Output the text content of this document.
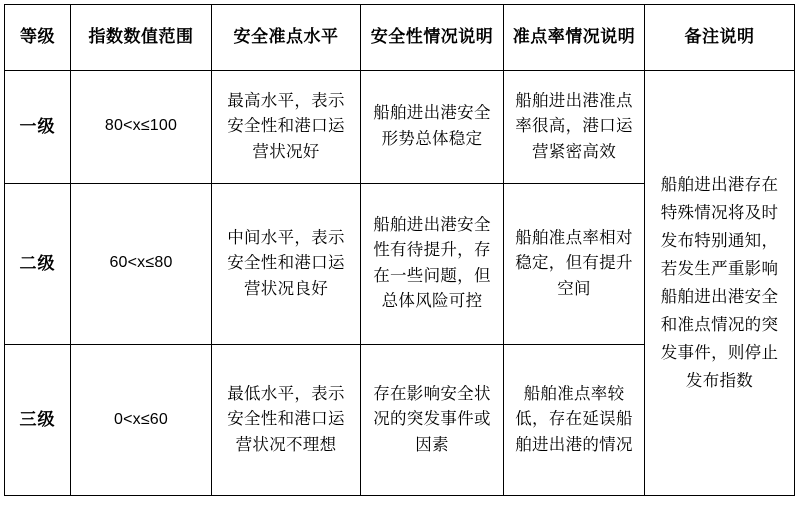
等级	指数数值范围	安全准点水平	安全性情况说明	准点率情况说明	备注说明
一级	80<x≤100	最高水平，表示安全性和港口运营状况好	船舶进出港安全形势总体稳定	船舶进出港准点率很高，港口运营紧密高效	船舶进出港存在特殊情况将及时发布特别通知，若发生严重影响船舶进出港安全和准点情况的突发事件，则停止发布指数
二级	60<x≤80	中间水平，表示安全性和港口运营状况良好	船舶进出港安全性有待提升，存在一些问题，但总体风险可控	船舶准点率相对稳定，但有提升空间	
三级	0<x≤60	最低水平，表示安全性和港口运营状况不理想	存在影响安全状况的突发事件或因素	船舶准点率较低，存在延误船舶进出港的情况	
